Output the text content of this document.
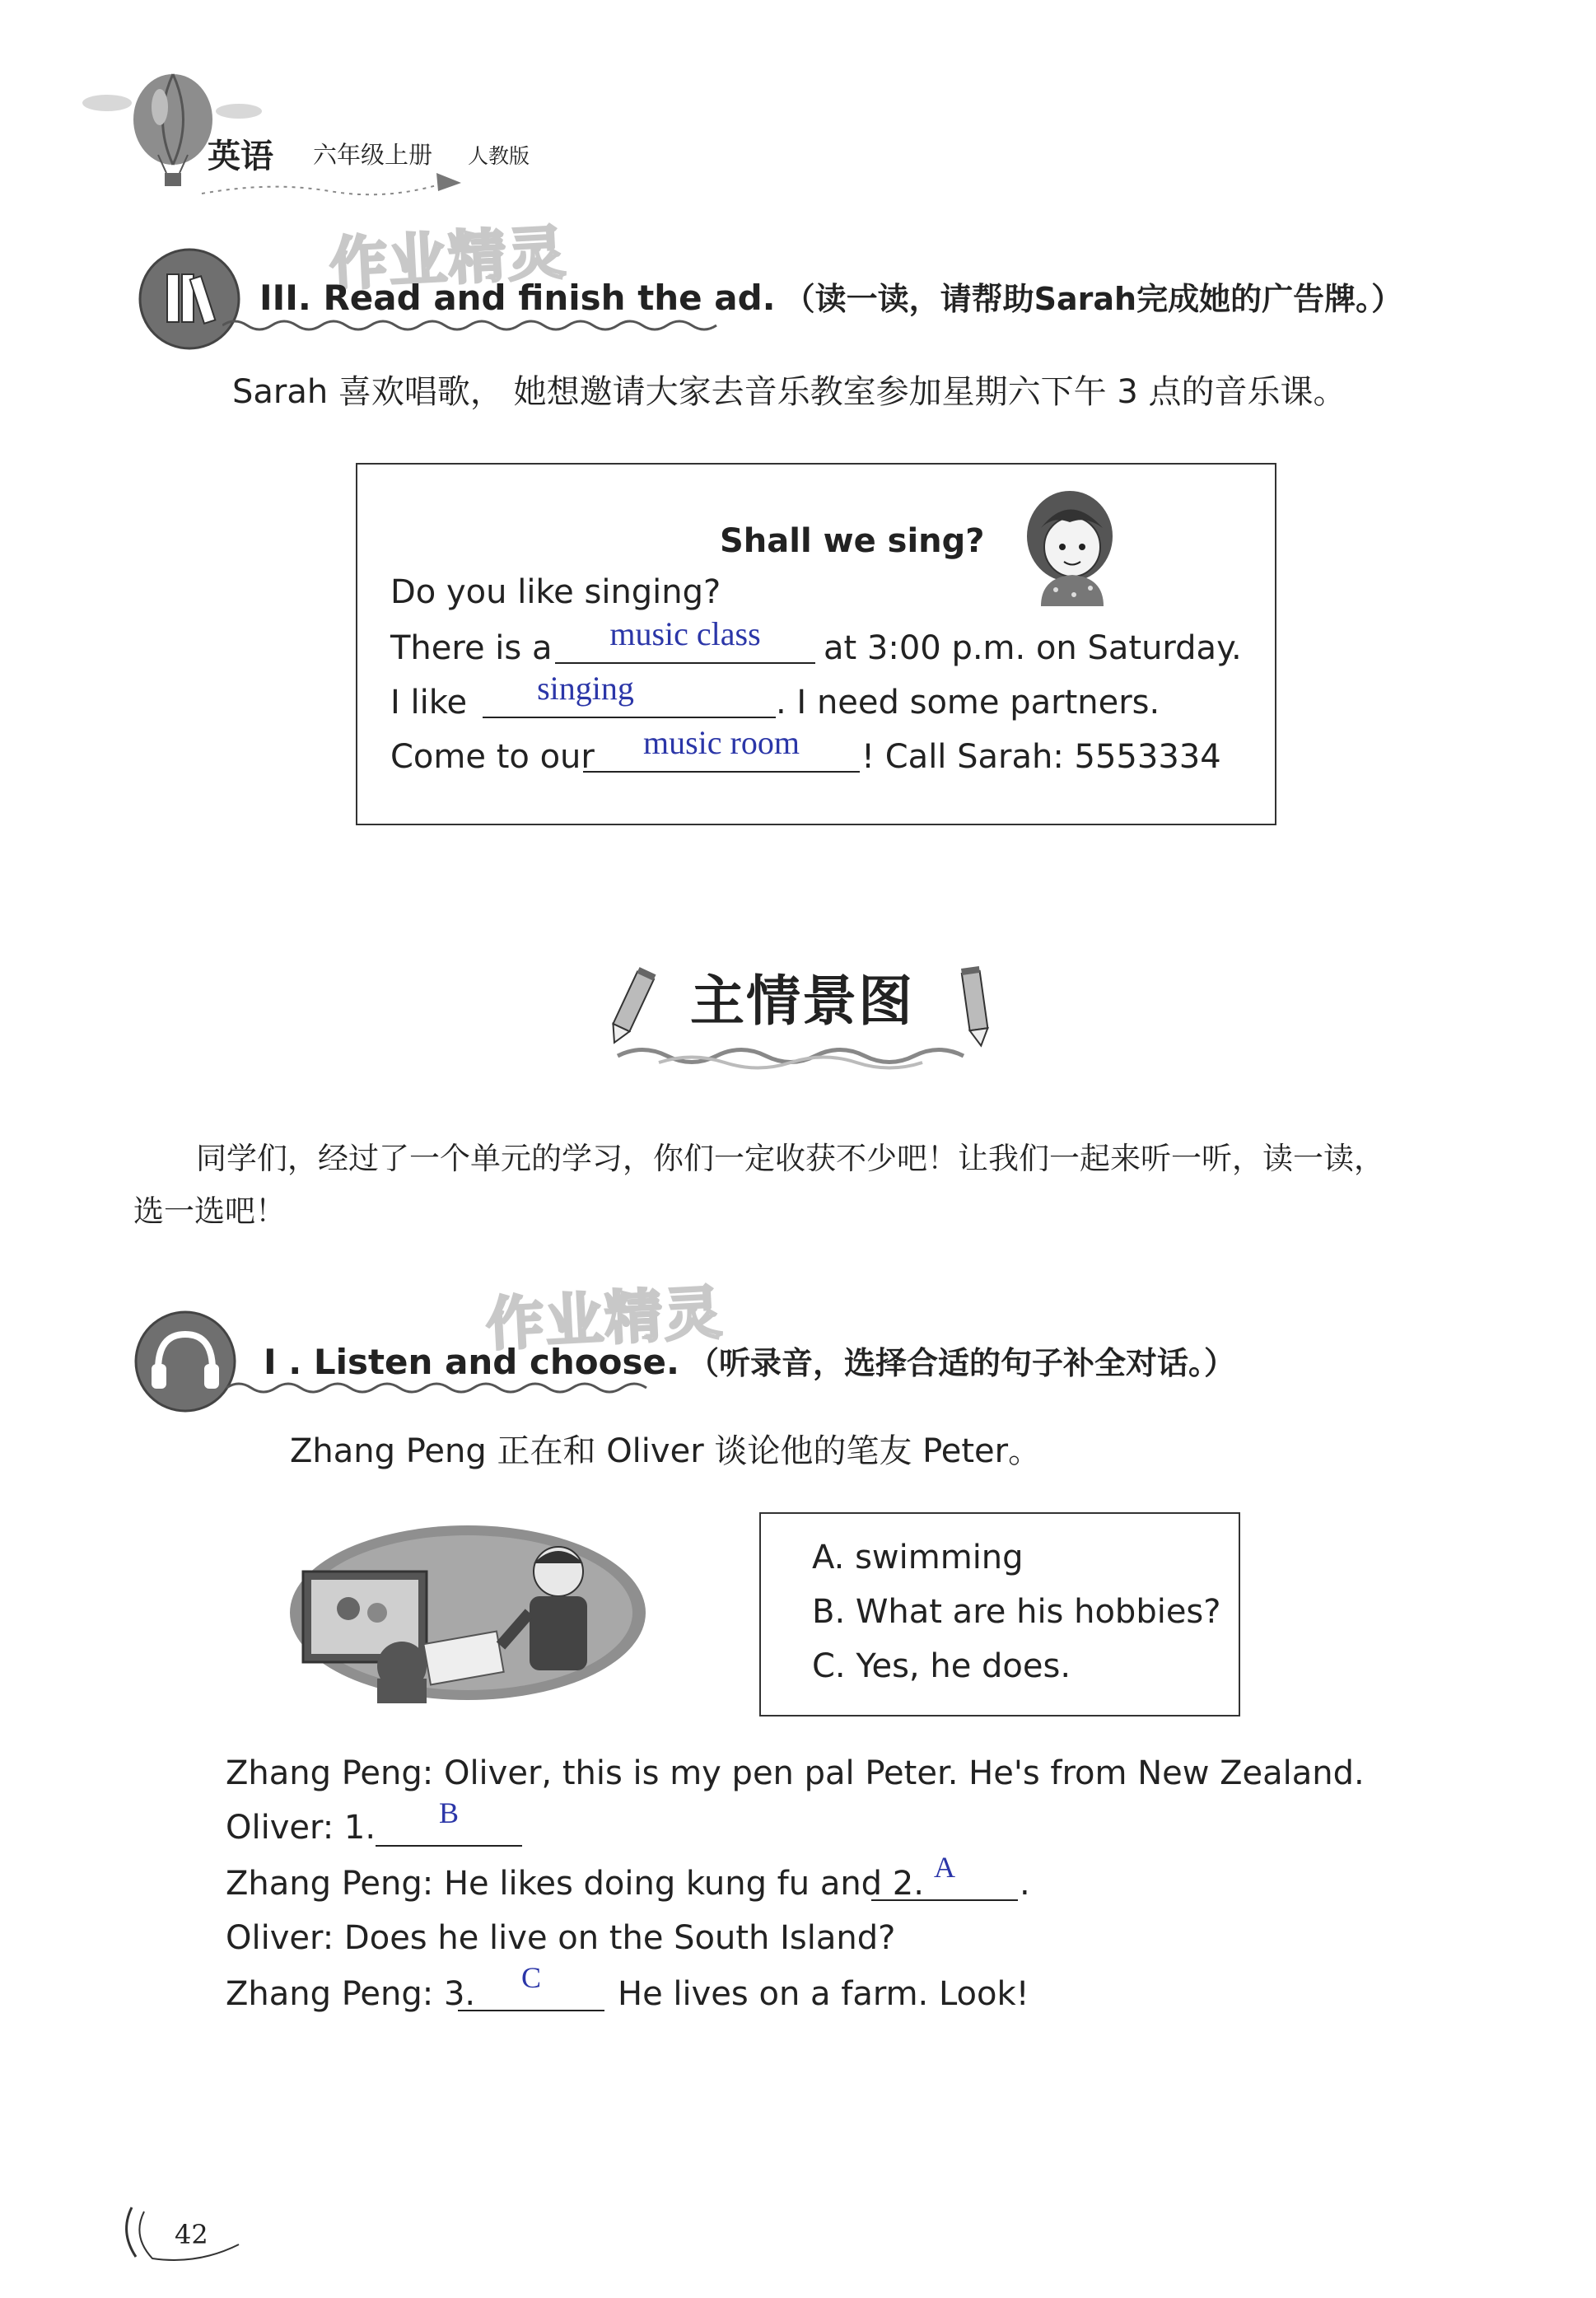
英语 六年级上册 人教版
作业精灵
III. Read and finish the ad. （读一读，请帮助Sarah完成她的广告牌。）
Sarah 喜欢唱歌， 她想邀请大家去音乐教室参加星期六下午 3 点的音乐课。
Shall we sing?
Do you like singing?
There is a	music class	at 3:00 p.m. on Saturday.
I like	singing	. I need some partners.
Come to our	music room	! Call Sarah: 5553334
主情景图
同学们，经过了一个单元的学习，你们一定收获不少吧！让我们一起来听一听，读一读，
选一选吧！
作业精灵
I . Listen and choose. （听录音，选择合适的句子补全对话。）
Zhang Peng 正在和 Oliver 谈论他的笔友 Peter。
A. swimming
B. What are his hobbies?
C. Yes, he does.
Zhang Peng: Oliver, this is my pen pal Peter. He's from New Zealand.
Oliver: 1.	B
Zhang Peng: He likes doing kung fu and 2. A	.
Oliver: Does he live on the South Island?
Zhang Peng: 3.	C	He lives on a farm. Look!
42
